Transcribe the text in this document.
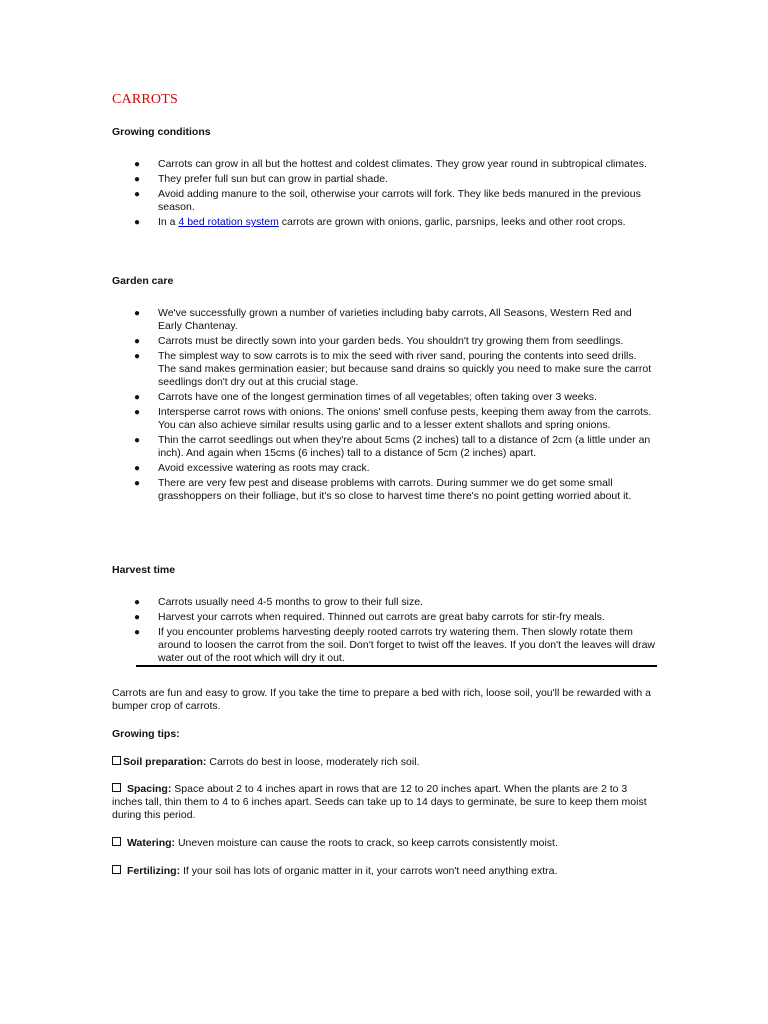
CARROTS
Growing conditions
● Carrots can grow in all but the hottest and coldest climates. They grow year round in subtropical climates.
● They prefer full sun but can grow in partial shade.
● Avoid adding manure to the soil, otherwise your carrots will fork. They like beds manured in the previous season.
● In a 4 bed rotation system carrots are grown with onions, garlic, parsnips, leeks and other root crops.
Garden care
● We've successfully grown a number of varieties including baby carrots, All Seasons, Western Red and Early Chantenay.
● Carrots must be directly sown into your garden beds. You shouldn't try growing them from seedlings.
● The simplest way to sow carrots is to mix the seed with river sand, pouring the contents into seed drills. The sand makes germination easier; but because sand drains so quickly you need to make sure the carrot seedlings don't dry out at this crucial stage.
● Carrots have one of the longest germination times of all vegetables; often taking over 3 weeks.
● Intersperse carrot rows with onions. The onions' smell confuse pests, keeping them away from the carrots. You can also achieve similar results using garlic and to a lesser extent shallots and spring onions.
● Thin the carrot seedlings out when they're about 5cms (2 inches) tall to a distance of 2cm (a little under an inch). And again when 15cms (6 inches) tall to a distance of 5cm (2 inches) apart.
● Avoid excessive watering as roots may crack.
● There are very few pest and disease problems with carrots. During summer we do get some small grasshoppers on their folliage, but it's so close to harvest time there's no point getting worried about it.
Harvest time
● Carrots usually need 4-5 months to grow to their full size.
● Harvest your carrots when required. Thinned out carrots are great baby carrots for stir-fry meals.
● If you encounter problems harvesting deeply rooted carrots try watering them. Then slowly rotate them around to loosen the carrot from the soil. Don't forget to twist off the leaves. If you don't the leaves will draw water out of the root which will dry it out.
Carrots are fun and easy to grow. If you take the time to prepare a bed with rich, loose soil, you'll be rewarded with a bumper crop of carrots.
Growing tips:
Soil preparation: Carrots do best in loose, moderately rich soil.
Spacing: Space about 2 to 4 inches apart in rows that are 12 to 20 inches apart. When the plants are 2 to 3 inches tall, thin them to 4 to 6 inches apart. Seeds can take up to 14 days to germinate, be sure to keep them moist during this period.
Watering: Uneven moisture can cause the roots to crack, so keep carrots consistently moist.
Fertilizing: If your soil has lots of organic matter in it, your carrots won't need anything extra.
